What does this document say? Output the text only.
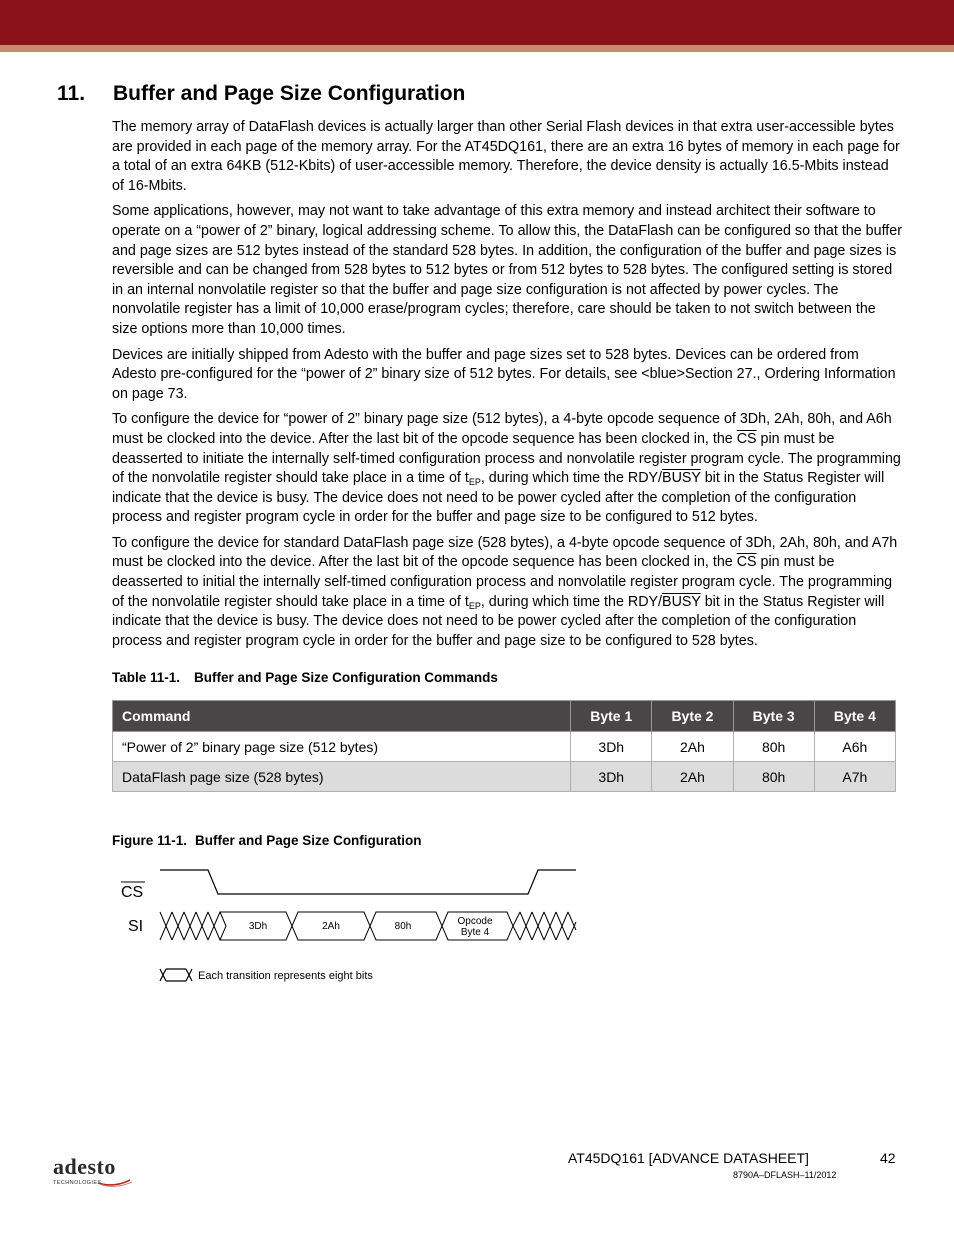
11. Buffer and Page Size Configuration

The memory array of DataFlash devices is actually larger than other Serial Flash devices in that extra user-accessible bytes are provided in each page of the memory array. For the AT45DQ161, there are an extra 16 bytes of memory in each page for a total of an extra 64KB (512-Kbits) of user-accessible memory. Therefore, the device density is actually 16.5-Mbits instead of 16-Mbits.

Some applications, however, may not want to take advantage of this extra memory and instead architect their software to operate on a “power of 2” binary, logical addressing scheme. To allow this, the DataFlash can be configured so that the buffer and page sizes are 512 bytes instead of the standard 528 bytes. In addition, the configuration of the buffer and page sizes is reversible and can be changed from 528 bytes to 512 bytes or from 512 bytes to 528 bytes. The configured setting is stored in an internal nonvolatile register so that the buffer and page size configuration is not affected by power cycles. The nonvolatile register has a limit of 10,000 erase/program cycles; therefore, care should be taken to not switch between the size options more than 10,000 times.

Devices are initially shipped from Adesto with the buffer and page sizes set to 528 bytes. Devices can be ordered from Adesto pre-configured for the “power of 2” binary size of 512 bytes. For details, see <blue>Section 27., Ordering Information on page 73.

To configure the device for “power of 2” binary page size (512 bytes), a 4-byte opcode sequence of 3Dh, 2Ah, 80h, and A6h must be clocked into the device. After the last bit of the opcode sequence has been clocked in, the $\overline{CS}$ pin must be deasserted to initiate the internally self-timed configuration process and nonvolatile register program cycle. The programming of the nonvolatile register should take place in a time of $t_{EP}$, during which time the RDY/BUSY bit in the Status Register will indicate that the device is busy. The device does not need to be power cycled after the completion of the configuration process and register program cycle in order for the buffer and page size to be configured to 512 bytes.

To configure the device for standard DataFlash page size (528 bytes), a 4-byte opcode sequence of 3Dh, 2Ah, 80h, and A7h must be clocked into the device. After the last bit of the opcode sequence has been clocked in, the $\overline{CS}$ pin must be deasserted to initial the internally self-timed configuration process and nonvolatile register program cycle. The programming of the nonvolatile register should take place in a time of $t_{EP}$, during which time the RDY/BUSY bit in the Status Register will indicate that the device is busy. The device does not need to be power cycled after the completion of the configuration process and register program cycle in order for the buffer and page size to be configured to 528 bytes.

Table 11-1. Buffer and Page Size Configuration Commands
Command	Byte 1	Byte 2	Byte 3	Byte 4
“Power of 2” binary page size (512 bytes)	3Dh	2Ah	80h	A6h
DataFlash page size (528 bytes)	3Dh	2Ah	80h	A7h
Figure 11-1. Buffer and Page Size Configuration
CS
SI	3Dh	2Ah	80h	Opcode
Byte 4
Each transition represents eight bits
adesto
TECHNOLOGIES
AT45DQ161 [ADVANCE DATASHEET]	42
8790A–DFLASH–11/2012
